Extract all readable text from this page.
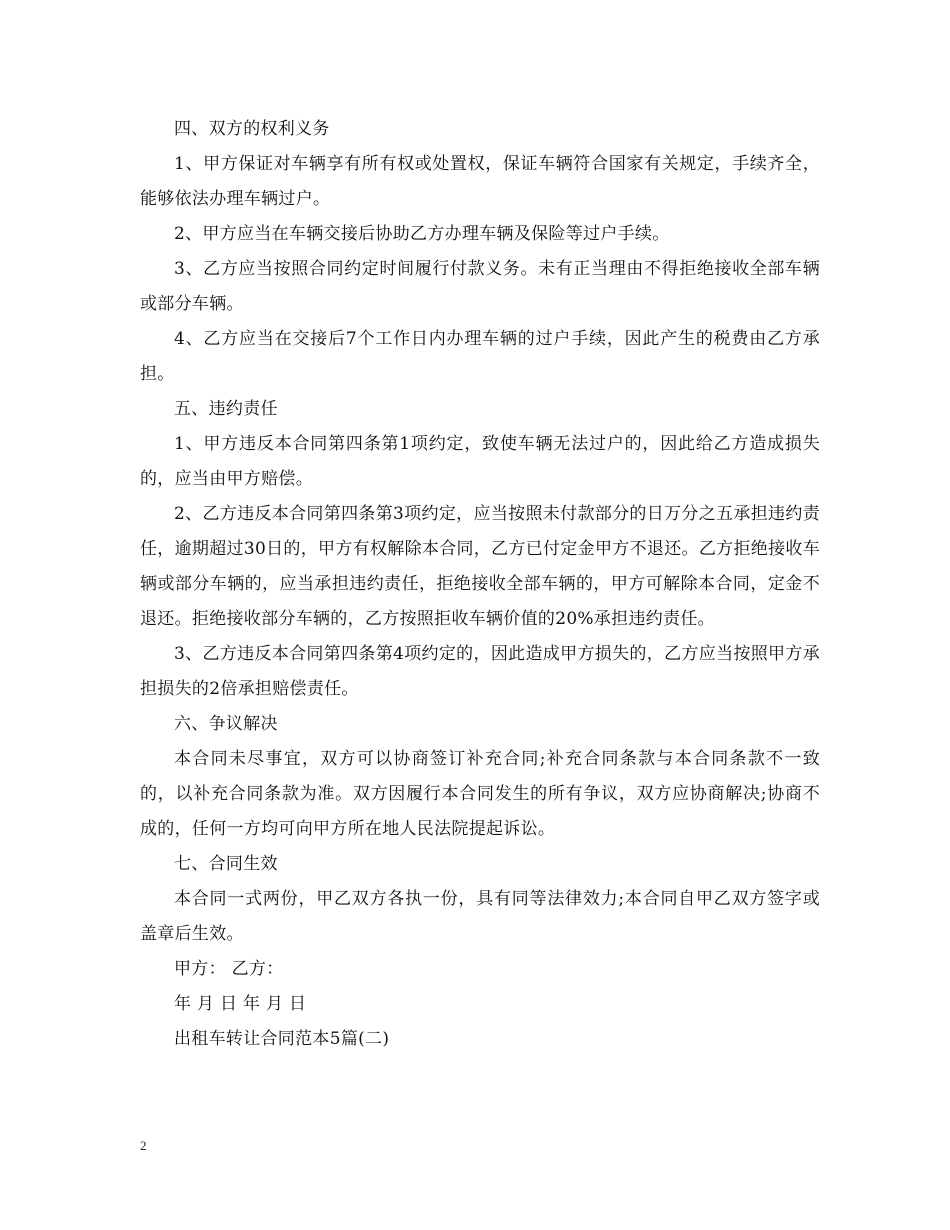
四、双方的权利义务

1、甲方保证对车辆享有所有权或处置权，保证车辆符合国家有关规定，手续齐全，能够依法办理车辆过户。

2、甲方应当在车辆交接后协助乙方办理车辆及保险等过户手续。

3、乙方应当按照合同约定时间履行付款义务。未有正当理由不得拒绝接收全部车辆或部分车辆。

4、乙方应当在交接后7个工作日内办理车辆的过户手续，因此产生的税费由乙方承担。

五、违约责任

1、甲方违反本合同第四条第1项约定，致使车辆无法过户的，因此给乙方造成损失的，应当由甲方赔偿。

2、乙方违反本合同第四条第3项约定，应当按照未付款部分的日万分之五承担违约责任，逾期超过30日的，甲方有权解除本合同，乙方已付定金甲方不退还。乙方拒绝接收车辆或部分车辆的，应当承担违约责任，拒绝接收全部车辆的，甲方可解除本合同，定金不退还。拒绝接收部分车辆的，乙方按照拒收车辆价值的20%承担违约责任。

3、乙方违反本合同第四条第4项约定的，因此造成甲方损失的，乙方应当按照甲方承担损失的2倍承担赔偿责任。

六、争议解决

本合同未尽事宜，双方可以协商签订补充合同;补充合同条款与本合同条款不一致的，以补充合同条款为准。双方因履行本合同发生的所有争议，双方应协商解决;协商不成的，任何一方均可向甲方所在地人民法院提起诉讼。

七、合同生效

本合同一式两份，甲乙双方各执一份，具有同等法律效力;本合同自甲乙双方签字或盖章后生效。

甲方： 乙方：

年 月 日 年 月 日

出租车转让合同范本5篇(二)

2
